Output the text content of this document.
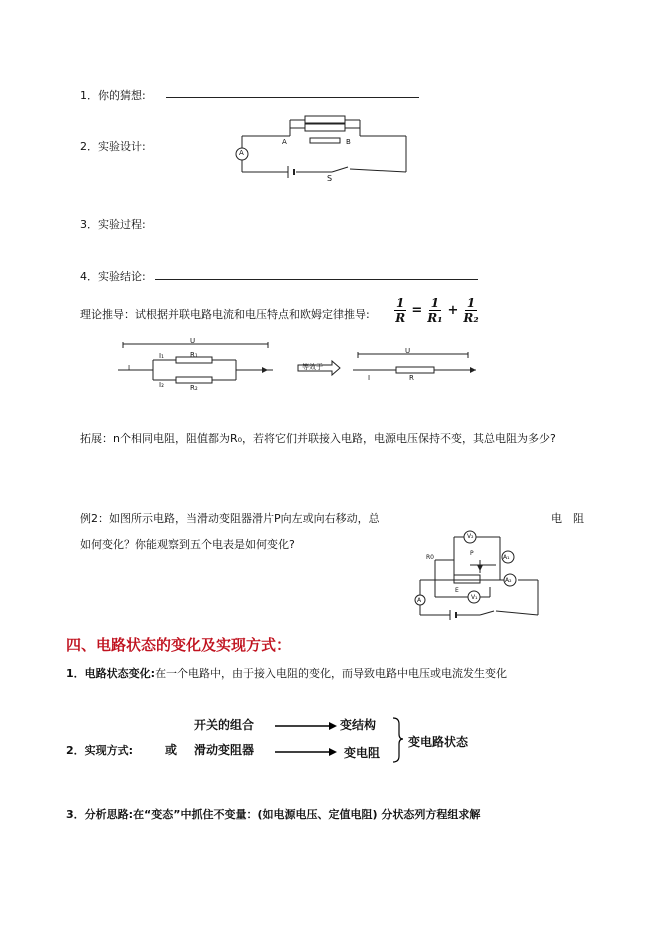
1．你的猜想:
2．实验设计:	A
A	B
S
3．实验过程:
4．实验结论:
理论推导：试根据并联电路电流和电压特点和欧姆定律推导: $\frac{1}{R} = \frac{1}{\text{R₁}} + \frac{1}{\text{R₂}}$
U
I
I₁
I₂
R₁
R₂
等效于
U
I	R
拓展：n个相同电阻，阻值都为R₀，若将它们并联接入电路，电源电压保持不变，其总电阻为多少?
例2：如图所示电路，当滑动变阻器滑片P向左或向右移动，总	电　阻
如何变化？你能观察到五个电表是如何变化?
V₂
P
R0	A₁
A₂
E
V₁
A
四、电路状态的变化及实现方式：
1．电路状态变化:在一个电路中，由于接入电阻的变化，而导致电路中电压或电流发生变化
2．实现方式:	或
开关的组合
滑动变阻器
变结构
变电阻
变电路状态
3．分析思路:在“变态”中抓住不变量：(如电源电压、定值电阻) 分状态列方程组求解
